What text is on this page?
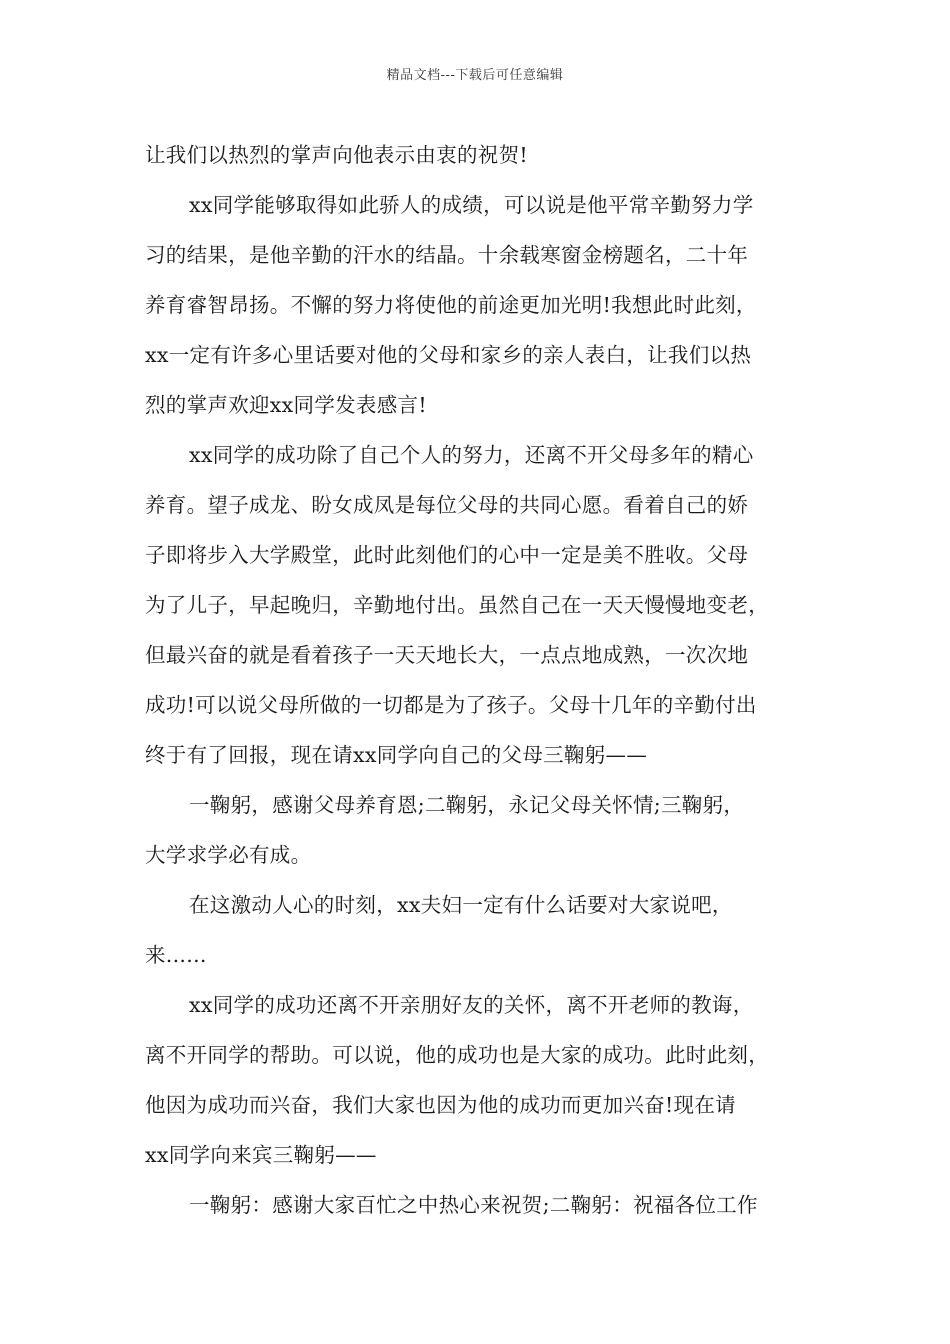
精品文档---下载后可任意编辑
让我们以热烈的掌声向他表示由衷的祝贺!
xx同学能够取得如此骄人的成绩，可以说是他平常辛勤努力学
习的结果，是他辛勤的汗水的结晶。十余载寒窗金榜题名，二十年
养育睿智昂扬。不懈的努力将使他的前途更加光明!我想此时此刻，
xx一定有许多心里话要对他的父母和家乡的亲人表白，让我们以热
烈的掌声欢迎xx同学发表感言!
xx同学的成功除了自己个人的努力，还离不开父母多年的精心
养育。望子成龙、盼女成凤是每位父母的共同心愿。看着自己的娇
子即将步入大学殿堂，此时此刻他们的心中一定是美不胜收。父母
为了儿子，早起晚归，辛勤地付出。虽然自己在一天天慢慢地变老，
但最兴奋的就是看着孩子一天天地长大，一点点地成熟，一次次地
成功!可以说父母所做的一切都是为了孩子。父母十几年的辛勤付出
终于有了回报，现在请xx同学向自己的父母三鞠躬——
一鞠躬，感谢父母养育恩;二鞠躬，永记父母关怀情;三鞠躬，
大学求学必有成。
在这激动人心的时刻，xx夫妇一定有什么话要对大家说吧，
来......
xx同学的成功还离不开亲朋好友的关怀，离不开老师的教诲，
离不开同学的帮助。可以说，他的成功也是大家的成功。此时此刻，
他因为成功而兴奋，我们大家也因为他的成功而更加兴奋!现在请
xx同学向来宾三鞠躬——
一鞠躬：感谢大家百忙之中热心来祝贺;二鞠躬：祝福各位工作
